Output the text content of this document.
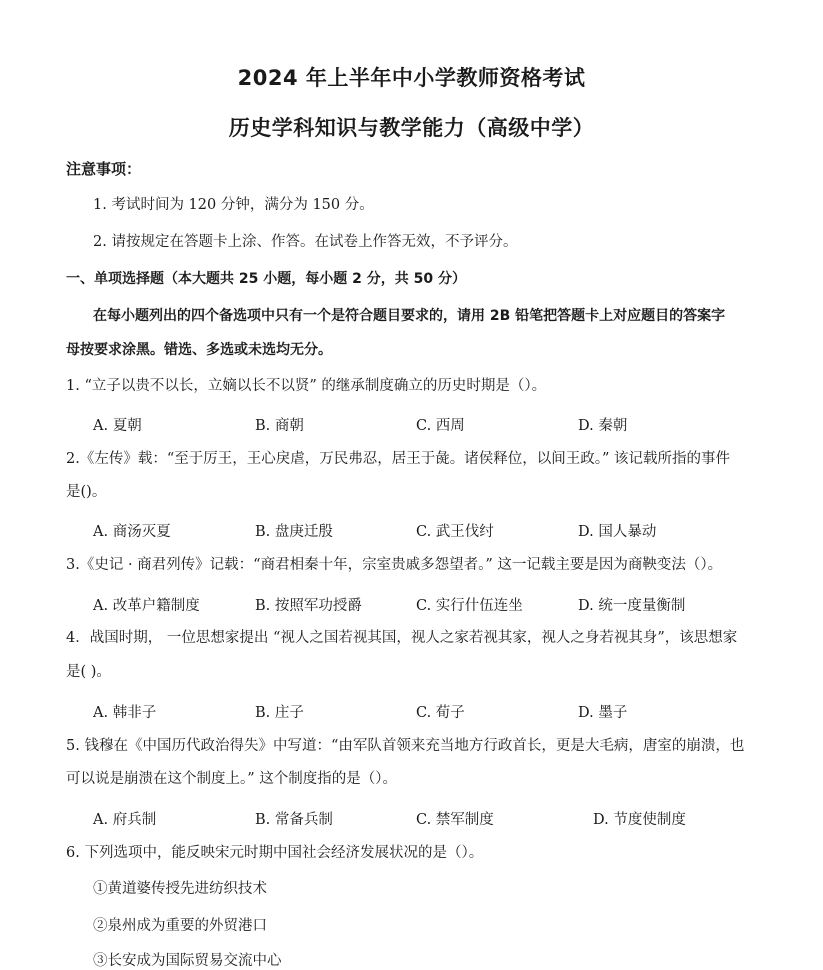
2024 年上半年中小学教师资格考试
历史学科知识与教学能力（高级中学）
注意事项：
1. 考试时间为 120 分钟，满分为 150 分。
2. 请按规定在答题卡上涂、作答。在试卷上作答无效，不予评分。
一、单项选择题（本大题共 25 小题，每小题 2 分，共 50 分）
在每小题列出的四个备选项中只有一个是符合题目要求的，请用 2B 铅笔把答题卡上对应题目的答案字
母按要求涂黑。错选、多选或未选均无分。
1. “立子以贵不以长，立嫡以长不以贤” 的继承制度确立的历史时期是（）。
A. 夏朝	B. 商朝	C. 西周	D. 秦朝
2.《左传》载：“至于厉王，王心戾虐，万民弗忍，居王于彘。诸侯释位，以间王政。” 该记载所指的事件
是()。
A. 商汤灭夏	B. 盘庚迁殷	C. 武王伐纣	D. 国人暴动
3.《史记 · 商君列传》记载：“商君相秦十年，宗室贵戚多怨望者。” 这一记载主要是因为商鞅变法（）。
A. 改革户籍制度	B. 按照军功授爵	C. 实行什伍连坐	D. 统一度量衡制
4．战国时期， 一位思想家提出 “视人之国若视其国，视人之家若视其家，视人之身若视其身”，该思想家
是( )。
A. 韩非子	B. 庄子	C. 荀子	D. 墨子
5. 钱穆在《中国历代政治得失》中写道：“由军队首领来充当地方行政首长，更是大毛病，唐室的崩溃，也
可以说是崩溃在这个制度上。” 这个制度指的是（）。
A. 府兵制	B. 常备兵制	C. 禁军制度	D. 节度使制度
6. 下列选项中，能反映宋元时期中国社会经济发展状况的是（）。
①黄道婆传授先进纺织技术
②泉州成为重要的外贸港口
③长安成为国际贸易交流中心
